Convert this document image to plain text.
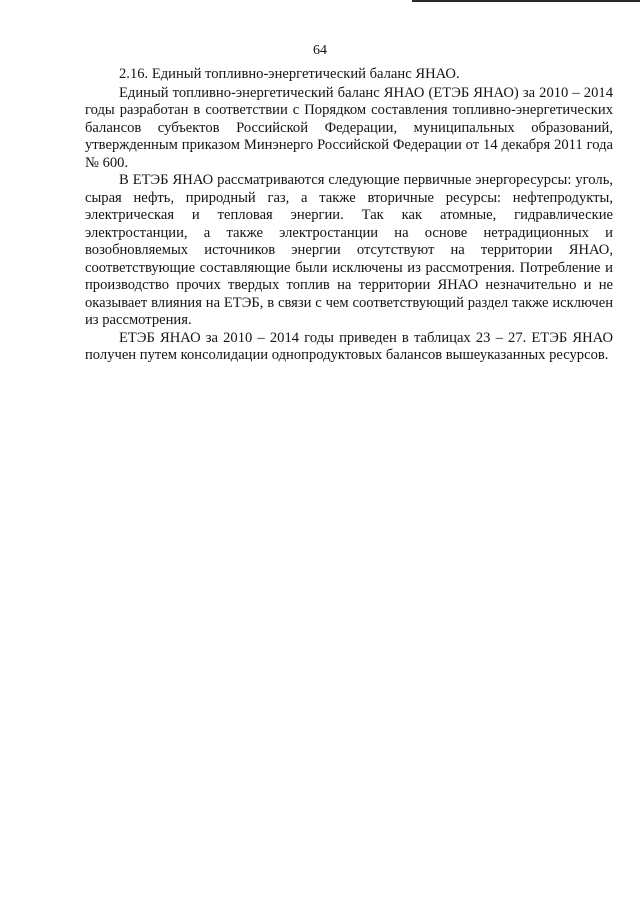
64

2.16. Единый топливно-энергетический баланс ЯНАО.

Единый топливно-энергетический баланс ЯНАО (ЕТЭБ ЯНАО) за 2010 – 2014 годы разработан в соответствии с Порядком составления топливно-энергетических балансов субъектов Российской Федерации, муниципальных образований, утвержденным приказом Минэнерго Российской Федерации от 14 декабря 2011 года № 600.

В ЕТЭБ ЯНАО рассматриваются следующие первичные энергоресурсы: уголь, сырая нефть, природный газ, а также вторичные ресурсы: нефтепродукты, электрическая и тепловая энергии. Так как атомные, гидравлические электростанции, а также электростанции на основе нетрадиционных и возобновляемых источников энергии отсутствуют на территории ЯНАО, соответствующие составляющие были исключены из рассмотрения. Потребление и производство прочих твердых топлив на территории ЯНАО незначительно и не оказывает влияния на ЕТЭБ, в связи с чем соответствующий раздел также исключен из рассмотрения.

ЕТЭБ ЯНАО за 2010 – 2014 годы приведен в таблицах 23 – 27. ЕТЭБ ЯНАО получен путем консолидации однопродуктовых балансов вышеуказанных ресурсов.
